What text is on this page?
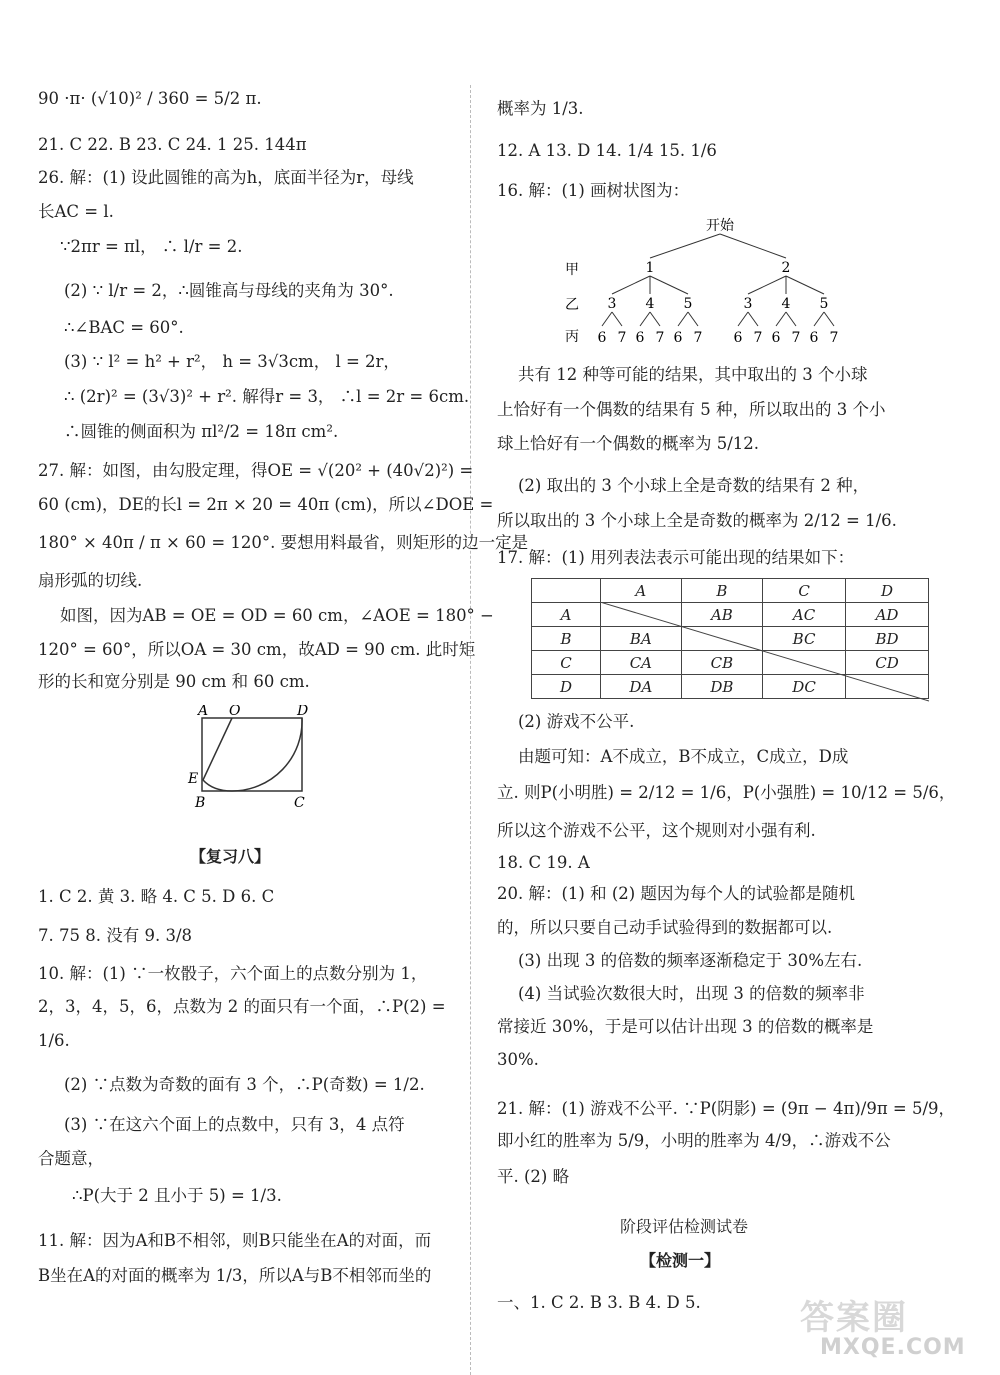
90 ·π· (√10)² / 360 = 5/2 π.
21. C 22. B 23. C 24. 1 25. 144π
26. 解：(1) 设此圆锥的高为h，底面半径为r，母线
长AC = l.
∵2πr = πl， ∴ l/r = 2.
(2) ∵ l/r = 2，∴圆锥高与母线的夹角为 30°.
∴∠BAC = 60°.
(3) ∵ l² = h² + r²， h = 3√3cm， l = 2r，
∴ (2r)² = (3√3)² + r². 解得r = 3， ∴l = 2r = 6cm.
∴圆锥的侧面积为 πl²/2 = 18π cm².
27. 解：如图，由勾股定理，得OE = √(20² + (40√2)²) =
60 (cm)，DE的长l = 2π × 20 = 40π (cm)，所以∠DOE =
180° × 40π / π × 60 = 120°. 要想用料最省，则矩形的边一定是
扇形弧的切线.
如图，因为AB = OE = OD = 60 cm，∠AOE = 180° −
120° = 60°，所以OA = 30 cm，故AD = 90 cm. 此时矩
形的长和宽分别是 90 cm 和 60 cm.
A O	D
E
B	C
【复习八】
1. C 2. 黄 3. 略 4. C 5. D 6. C
7. 75 8. 没有 9. 3/8
10. 解：(1) ∵一枚骰子，六个面上的点数分别为 1，
2，3，4，5，6，点数为 2 的面只有一个面，∴P(2) =
1/6.
(2) ∵点数为奇数的面有 3 个，∴P(奇数) = 1/2.
(3) ∵在这六个面上的点数中，只有 3，4 点符
合题意，
∴P(大于 2 且小于 5) = 1/3.
11. 解：因为A和B不相邻，则B只能坐在A的对面，而
B坐在A的对面的概率为 1/3，所以A与B不相邻而坐的
概率为 1/3.
12. A 13. D 14. 1/4 15. 1/6
16. 解：(1) 画树状图为：
开始
甲
乙
丙
1	2
3 4 5	3 4 5
6 7 6 7 6 7 6 7 6 7 6 7
共有 12 种等可能的结果，其中取出的 3 个小球
上恰好有一个偶数的结果有 5 种，所以取出的 3 个小
球上恰好有一个偶数的概率为 5/12.
(2) 取出的 3 个小球上全是奇数的结果有 2 种，
所以取出的 3 个小球上全是奇数的概率为 2/12 = 1/6.
17. 解：(1) 用列表法表示可能出现的结果如下：
	A	B	C	D
A		AB	AC	AD
B	BA		BC	BD
C	CA	CB		CD
D	DA	DB	DC	
(2) 游戏不公平.
由题可知：A不成立，B不成立，C成立，D成
立. 则P(小明胜) = 2/12 = 1/6，P(小强胜) = 10/12 = 5/6，
所以这个游戏不公平，这个规则对小强有利.
18. C 19. A
20. 解：(1) 和 (2) 题因为每个人的试验都是随机
的，所以只要自己动手试验得到的数据都可以.
(3) 出现 3 的倍数的频率逐渐稳定于 30%左右.
(4) 当试验次数很大时，出现 3 的倍数的频率非
常接近 30%，于是可以估计出现 3 的倍数的概率是
30%.
21. 解：(1) 游戏不公平. ∵P(阴影) = (9π − 4π)/9π = 5/9，
即小红的胜率为 5/9，小明的胜率为 4/9，∴游戏不公
平. (2) 略
阶段评估检测试卷
【检测一】
一、1. C 2. B 3. B 4. D 5.	答案圈
MXQE.COM
